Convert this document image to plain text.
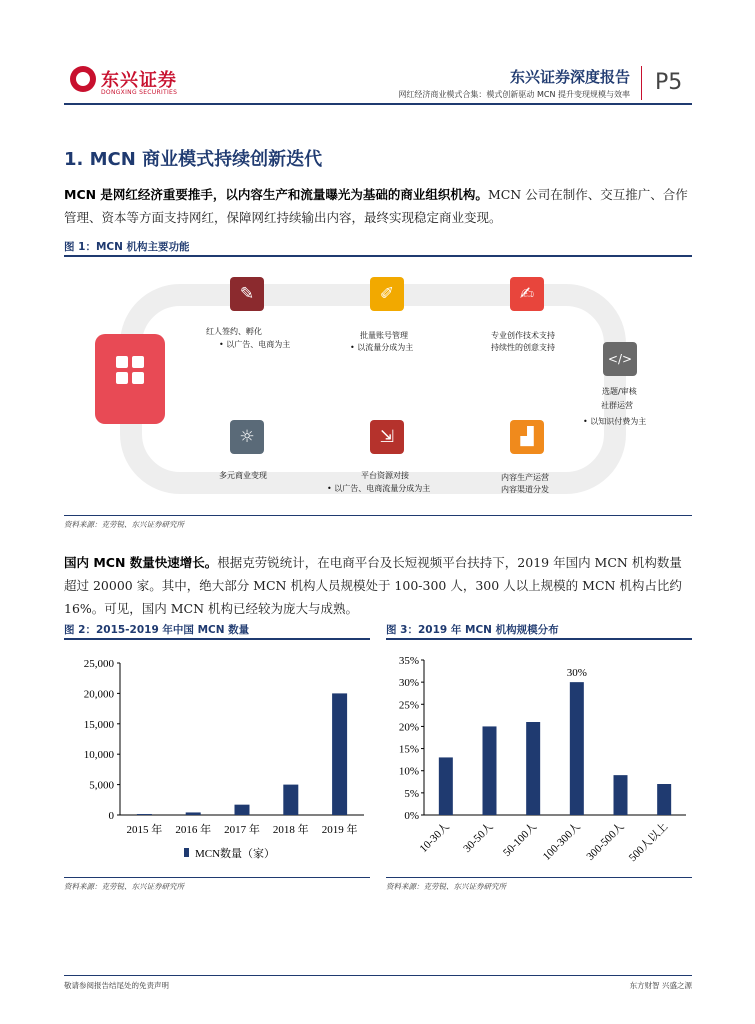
东兴证券
DONGXING SECURITIES
东兴证券深度报告
网红经济商业模式合集：模式创新驱动 MCN 提升变现规模与效率 P5
1. MCN 商业模式持续创新迭代
MCN 是网红经济重要推手，以内容生产和流量曝光为基础的商业组织机构。MCN 公司在制作、交互推广、合作管理、资本等方面支持网红，保障网红持续输出内容，最终实现稳定商业变现。
图 1：MCN 机构主要功能
✎
红人签约、孵化
• 以广告、电商为主
✐
批量账号管理
• 以流量分成为主
✍
专业创作技术支持
持续性的创意支持
</>
选题/审核
社群运营
• 以知识付费为主
☼
多元商业变现
⇲
平台资源对接
• 以广告、电商流量分成为主
▟
内容生产运营
内容渠道分发
资料来源：克劳锐、东兴证券研究所
国内 MCN 数量快速增长。根据克劳锐统计，在电商平台及长短视频平台扶持下，2019 年国内 MCN 机构数量超过 20000 家。其中，绝大部分 MCN 机构人员规模处于 100-300 人，300 人以上规模的 MCN 机构占比约 16%。可见，国内 MCN 机构已经较为庞大与成熟。
图 2：2015-2019 年中国 MCN 数量
0
5,000
10,000
15,000
20,000
25,000
2015 年 2016 年 2017 年 2018 年 2019 年
MCN数量（家）
资料来源：克劳锐、东兴证券研究所
图 3：2019 年 MCN 机构规模分布
0%
5%
10%
15%
20%
25%
30%
35%
10-30人 30-50人 50-100人 100-300人
30%
300-500人 500人以上
资料来源：克劳锐、东兴证券研究所
敬请参阅报告结尾处的免责声明	东方财智 兴盛之源
